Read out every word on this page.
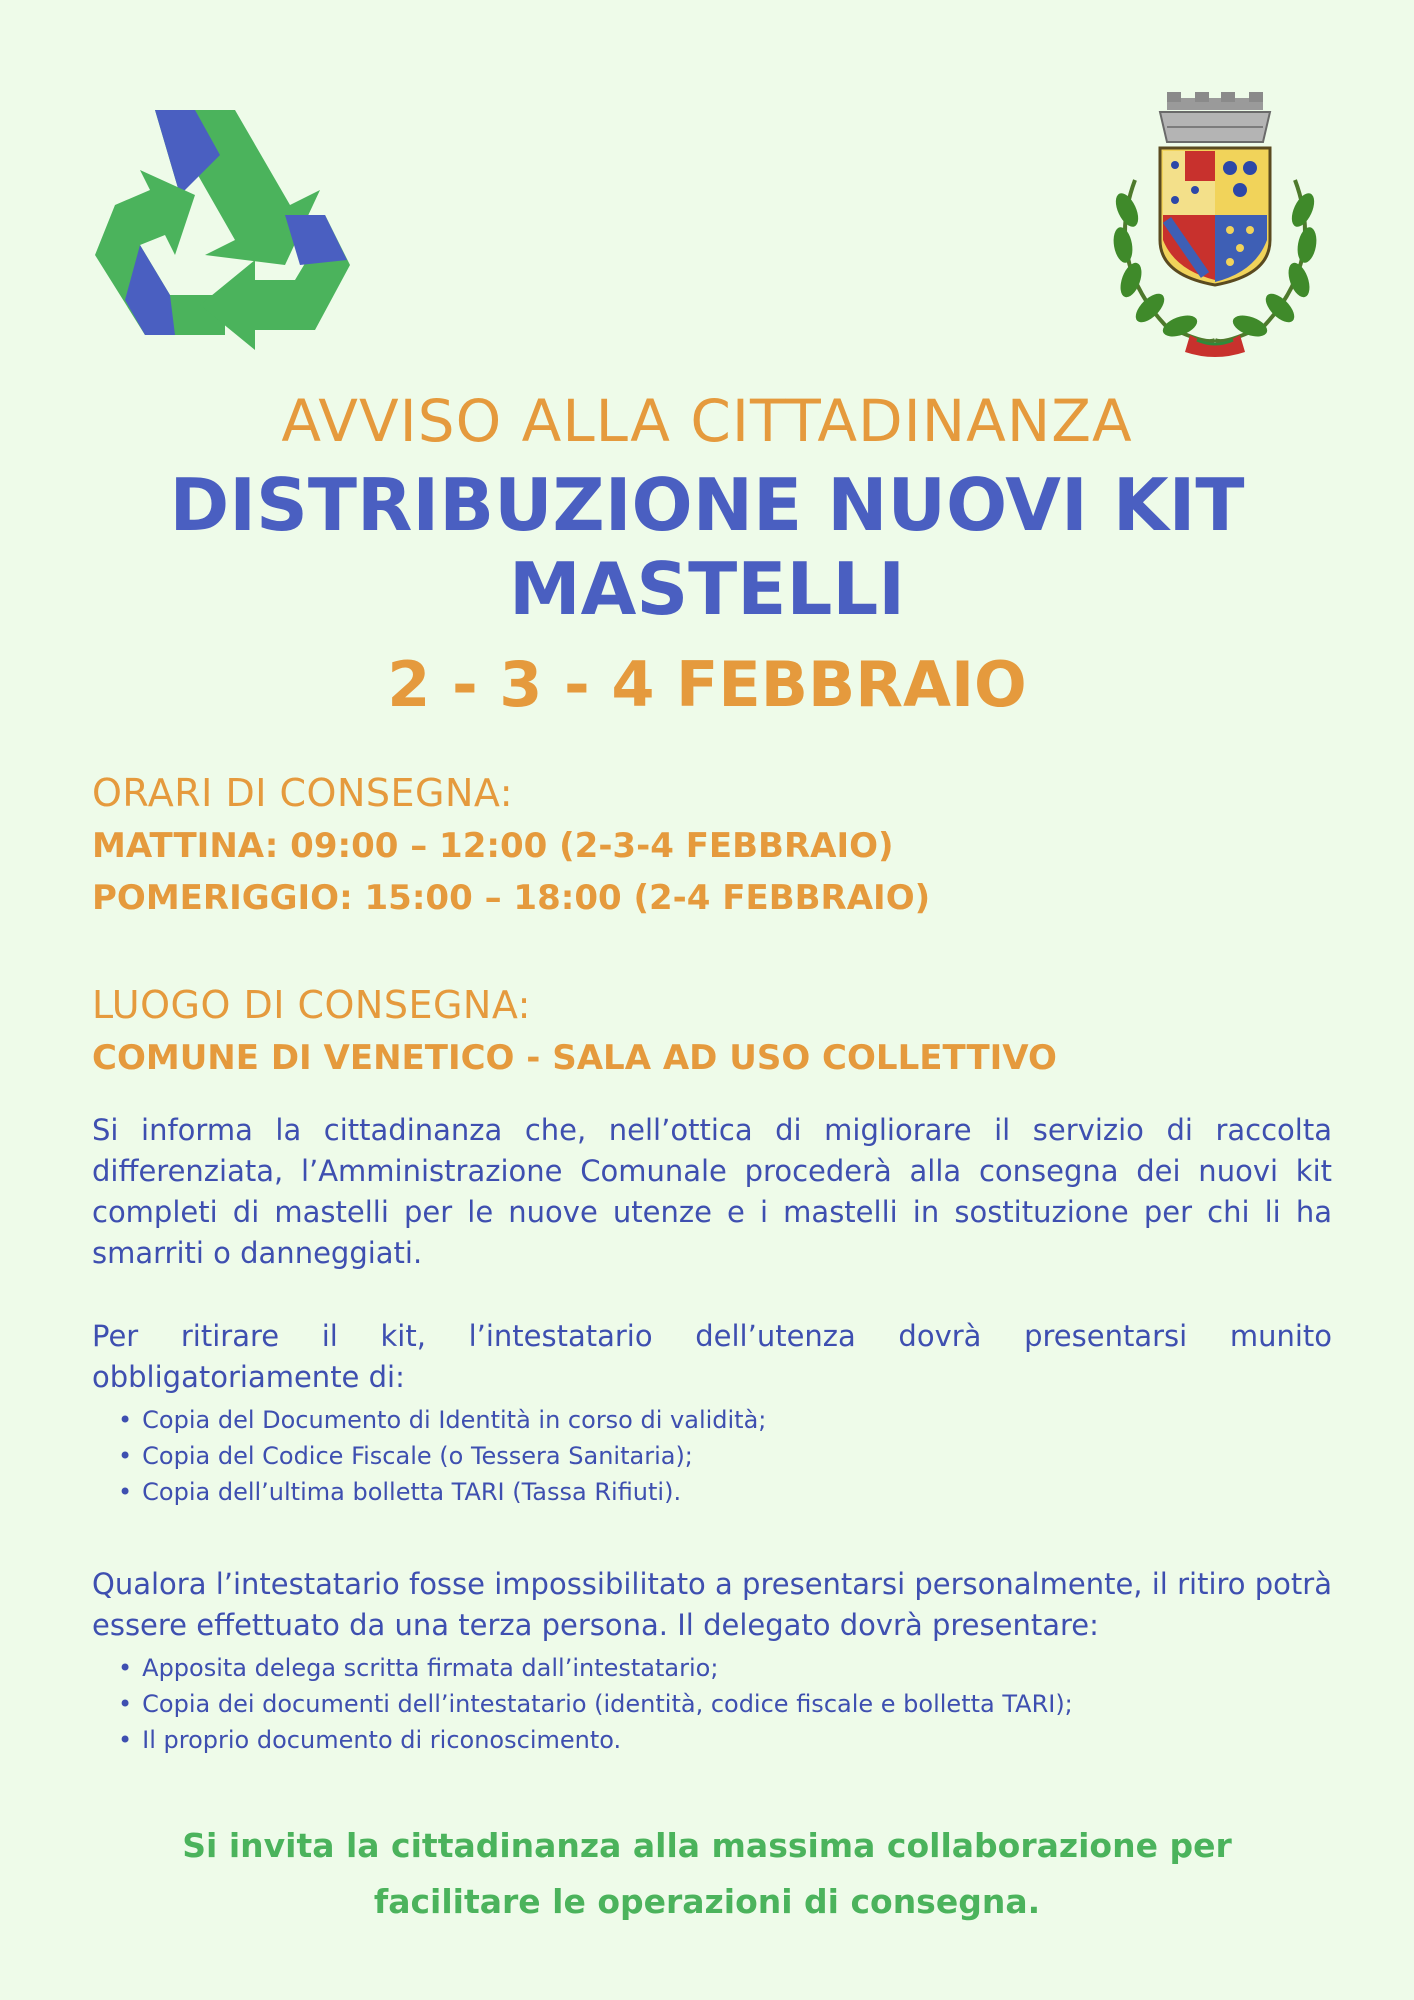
AVVISO ALLA CITTADINANZA
DISTRIBUZIONE NUOVI KIT
MASTELLI
2 - 3 - 4 FEBBRAIO
ORARI DI CONSEGNA:
MATTINA: 09:00 – 12:00 (2-3-4 FEBBRAIO)
POMERIGGIO: 15:00 – 18:00 (2-4 FEBBRAIO)
LUOGO DI CONSEGNA:
COMUNE DI VENETICO - SALA AD USO COLLETTIVO

Si informa la cittadinanza che, nell’ottica di migliorare il servizio di raccolta differenziata, l’Amministrazione Comunale procederà alla consegna dei nuovi kit completi di mastelli per le nuove utenze e i mastelli in sostituzione per chi li ha smarriti o danneggiati.

Per ritirare il kit, l’intestatario dell’utenza dovrà presentarsi munito obbligatoriamente di:

• Copia del Documento di Identità in corso di validità;
• Copia del Codice Fiscale (o Tessera Sanitaria);
• Copia dell’ultima bolletta TARI (Tassa Rifiuti).

Qualora l’intestatario fosse impossibilitato a presentarsi personalmente, il ritiro potrà essere effettuato da una terza persona. Il delegato dovrà presentare:

• Apposita delega scritta firmata dall’intestatario;
• Copia dei documenti dell’intestatario (identità, codice fiscale e bolletta TARI);
• Il proprio documento di riconoscimento.
Si invita la cittadinanza alla massima collaborazione per
facilitare le operazioni di consegna.
